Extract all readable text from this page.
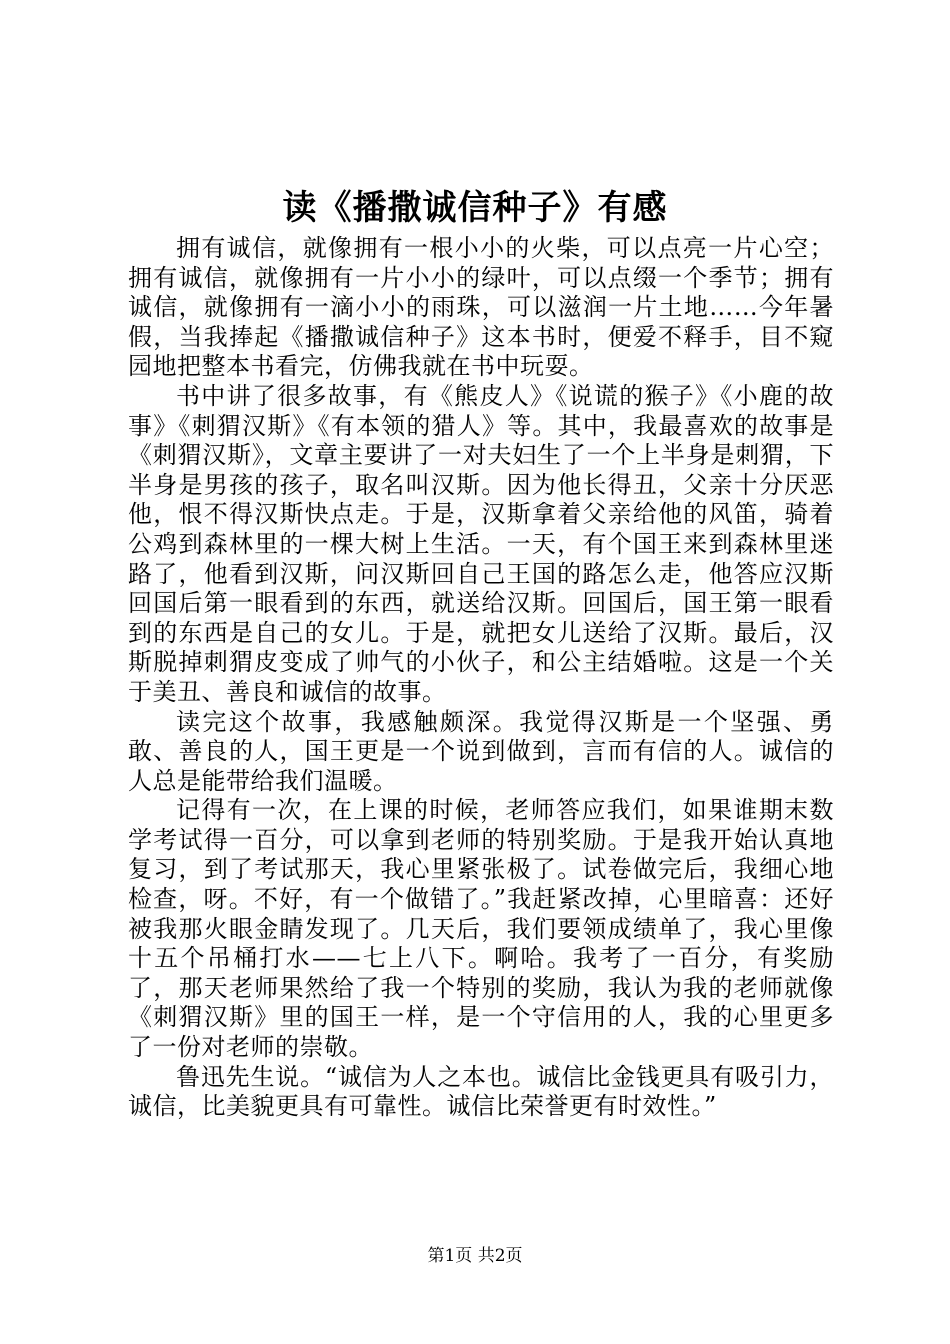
读《播撒诚信种子》有感

拥有诚信，就像拥有一根小小的火柴，可以点亮一片心空；拥有诚信，就像拥有一片小小的绿叶，可以点缀一个季节；拥有诚信，就像拥有一滴小小的雨珠，可以滋润一片土地……今年暑假，当我捧起《播撒诚信种子》这本书时，便爱不释手，目不窥园地把整本书看完，仿佛我就在书中玩耍。

书中讲了很多故事，有《熊皮人》《说谎的猴子》《小鹿的故事》《刺猬汉斯》《有本领的猎人》等。其中，我最喜欢的故事是《刺猬汉斯》，文章主要讲了一对夫妇生了一个上半身是刺猬，下半身是男孩的孩子，取名叫汉斯。因为他长得丑，父亲十分厌恶他，恨不得汉斯快点走。于是，汉斯拿着父亲给他的风笛，骑着公鸡到森林里的一棵大树上生活。一天，有个国王来到森林里迷路了，他看到汉斯，问汉斯回自己王国的路怎么走，他答应汉斯回国后第一眼看到的东西，就送给汉斯。回国后，国王第一眼看到的东西是自己的女儿。于是，就把女儿送给了汉斯。最后，汉斯脱掉刺猬皮变成了帅气的小伙子，和公主结婚啦。这是一个关于美丑、善良和诚信的故事。

读完这个故事，我感触颇深。我觉得汉斯是一个坚强、勇敢、善良的人，国王更是一个说到做到，言而有信的人。诚信的人总是能带给我们温暖。

记得有一次，在上课的时候，老师答应我们，如果谁期末数学考试得一百分，可以拿到老师的特别奖励。于是我开始认真地复习，到了考试那天，我心里紧张极了。试卷做完后，我细心地检查，呀。不好，有一个做错了。”我赶紧改掉，心里暗喜：还好被我那火眼金睛发现了。几天后，我们要领成绩单了，我心里像十五个吊桶打水——七上八下。啊哈。我考了一百分，有奖励了，那天老师果然给了我一个特别的奖励，我认为我的老师就像《刺猬汉斯》里的国王一样，是一个守信用的人，我的心里更多了一份对老师的崇敬。

鲁迅先生说。“诚信为人之本也。诚信比金钱更具有吸引力，诚信，比美貌更具有可靠性。诚信比荣誉更有时效性。”

第1页 共2页
